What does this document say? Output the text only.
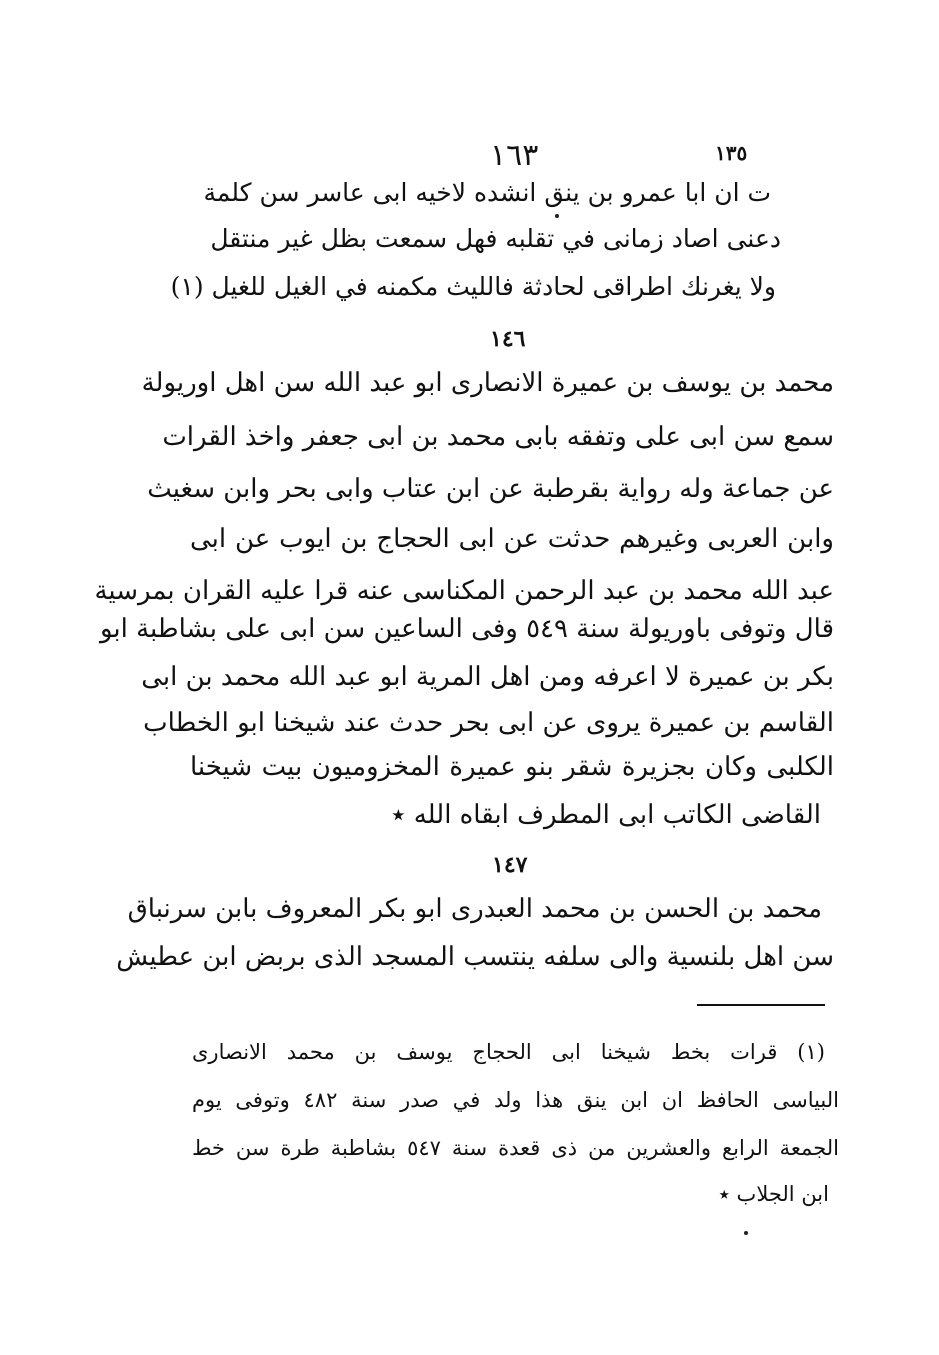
١٦٣	١٣٥
ت ان ابا عمرو بن ينق انشده لاخيه ابى عاسر سن كلمة
دعنى اصاد زمانى في تقلبه فهل سمعت بظل غير منتقل
ولا يغرنك اطراقى لحادثة فالليث مكمنه في الغيل للغيل (١)
١٤٦
محمد بن يوسف بن عميرة الانصارى ابو عبد الله سن اهل اوريولة
سمع سن ابى على وتفقه بابى محمد بن ابى جعفر واخذ القرات
عن جماعة وله رواية بقرطبة عن ابن عتاب وابى بحر وابن سغيث
وابن العربى وغيرهم حدثت عن ابى الحجاج بن ايوب عن ابى
عبد الله محمد بن عبد الرحمن المكناسى عنه قرا عليه القران بمرسية
قال وتوفى باوريولة سنة ٥٤٩ وفى الساعين سن ابى على بشاطبة ابو
بكر بن عميرة لا اعرفه ومن اهل المرية ابو عبد الله محمد بن ابى
القاسم بن عميرة يروى عن ابى بحر حدث عند شيخنا ابو الخطاب
الكلبى وكان بجزيرة شقر بنو عميرة المخزوميون بيت شيخنا
القاضى الكاتب ابى المطرف ابقاه الله ٭
١٤٧
محمد بن الحسن بن محمد العبدرى ابو بكر المعروف بابن سرنباق
سن اهل بلنسية والى سلفه ينتسب المسجد الذى بربض ابن عطيش
(١) قرات بخط شيخنا ابى الحجاج يوسف بن محمد الانصارى
البياسى الحافظ ان ابن ينق هذا ولد في صدر سنة ٤٨٢ وتوفى يوم
الجمعة الرابع والعشرين من ذى قعدة سنة ٥٤٧ بشاطبة طرة سن خط
ابن الجلاب ٭
